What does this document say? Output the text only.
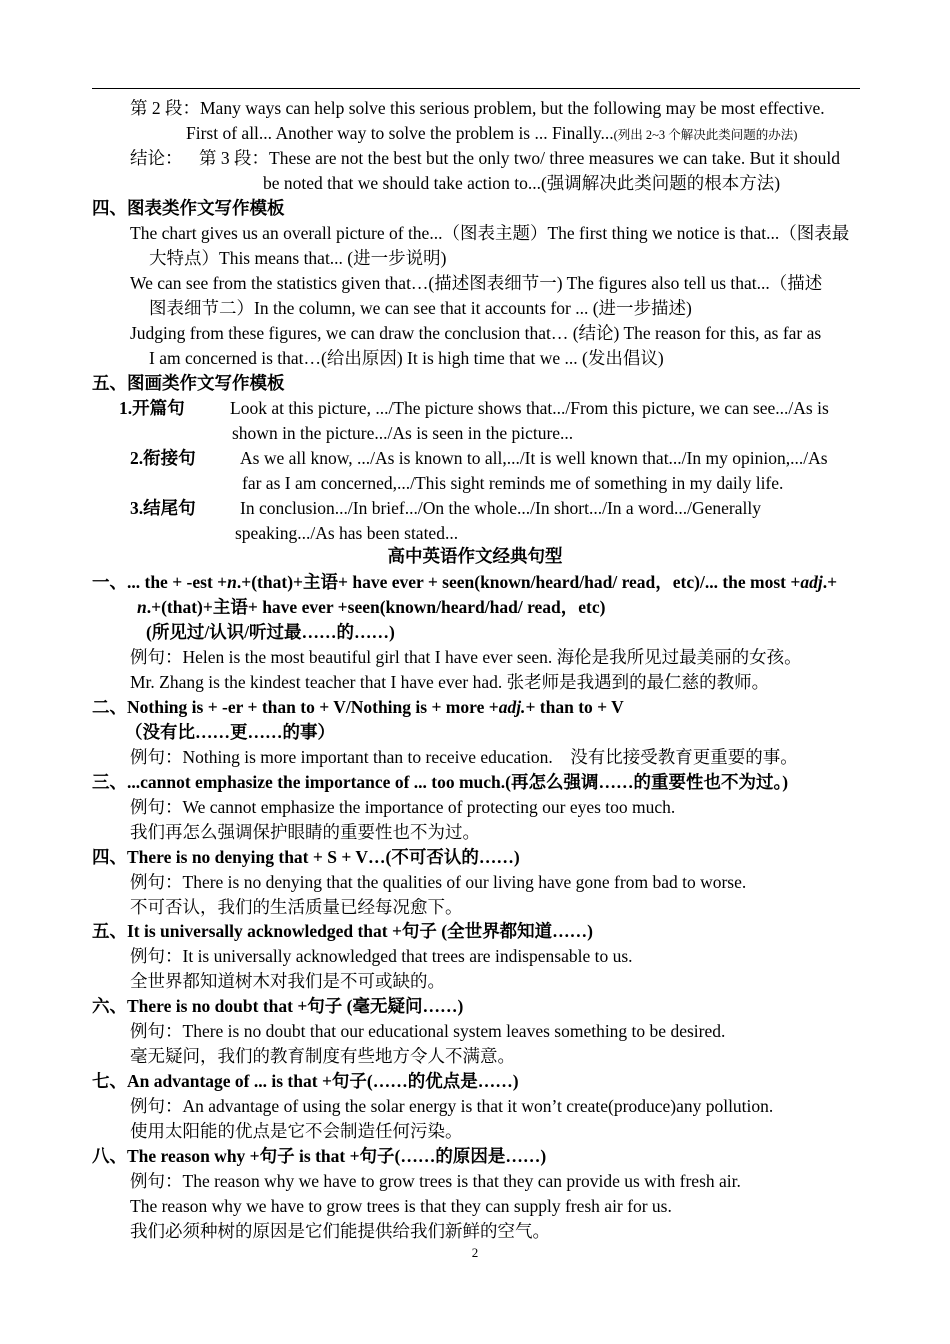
第 2 段：Many ways can help solve this serious problem, but the following may be most effective.
First of all... Another way to solve the problem is ... Finally...(列出 2~3 个解决此类问题的办法)
结论： 第 3 段：These are not the best but the only two/ three measures we can take. But it should
be noted that we should take action to...(强调解决此类问题的根本方法)
四、图表类作文写作模板
The chart gives us an overall picture of the...（图表主题）The first thing we notice is that...（图表最
大特点）This means that... (进一步说明)
We can see from the statistics given that…(描述图表细节一) The figures also tell us that...（描述
图表细节二）In the column, we can see that it accounts for ... (进一步描述)
Judging from these figures, we can draw the conclusion that… (结论) The reason for this, as far as
I am concerned is that…(给出原因) It is high time that we ... (发出倡议)
五、图画类作文写作模板
1.开篇句	Look at this picture, .../The picture shows that.../From this picture, we can see.../As is
shown in the picture.../As is seen in the picture...
2.衔接句	As we all know, .../As is known to all,.../It is well known that.../In my opinion,.../As
far as I am concerned,.../This sight reminds me of something in my daily life.
3.结尾句	In conclusion.../In brief.../On the whole.../In short.../In a word.../Generally
speaking.../As has been stated...
高中英语作文经典句型
一、... the + -est +n.+(that)+主语+ have ever + seen(known/heard/had/ read，etc)/... the most +adj.+
n.+(that)+主语+ have ever +seen(known/heard/had/ read，etc)
(所见过/认识/听过最……的……)
例句：Helen is the most beautiful girl that I have ever seen. 海伦是我所见过最美丽的女孩。
Mr. Zhang is the kindest teacher that I have ever had. 张老师是我遇到的最仁慈的教师。
二、Nothing is + -er + than to + V/Nothing is + more +adj.+ than to + V
（没有比……更……的事）
例句：Nothing is more important than to receive education.　没有比接受教育更重要的事。
三、...cannot emphasize the importance of ... too much.(再怎么强调……的重要性也不为过。)
例句：We cannot emphasize the importance of protecting our eyes too much.
我们再怎么强调保护眼睛的重要性也不为过。
四、There is no denying that + S + V…(不可否认的……)
例句：There is no denying that the qualities of our living have gone from bad to worse.
不可否认，我们的生活质量已经每况愈下。
五、It is universally acknowledged that +句子 (全世界都知道……)
例句：It is universally acknowledged that trees are indispensable to us.
全世界都知道树木对我们是不可或缺的。
六、There is no doubt that +句子 (毫无疑问……)
例句：There is no doubt that our educational system leaves something to be desired.
毫无疑问，我们的教育制度有些地方令人不满意。
七、An advantage of ... is that +句子(……的优点是……)
例句：An advantage of using the solar energy is that it won’t create(produce)any pollution.
使用太阳能的优点是它不会制造任何污染。
八、The reason why +句子 is that +句子(……的原因是……)
例句：The reason why we have to grow trees is that they can provide us with fresh air.
The reason why we have to grow trees is that they can supply fresh air for us.
我们必须种树的原因是它们能提供给我们新鲜的空气。
2
